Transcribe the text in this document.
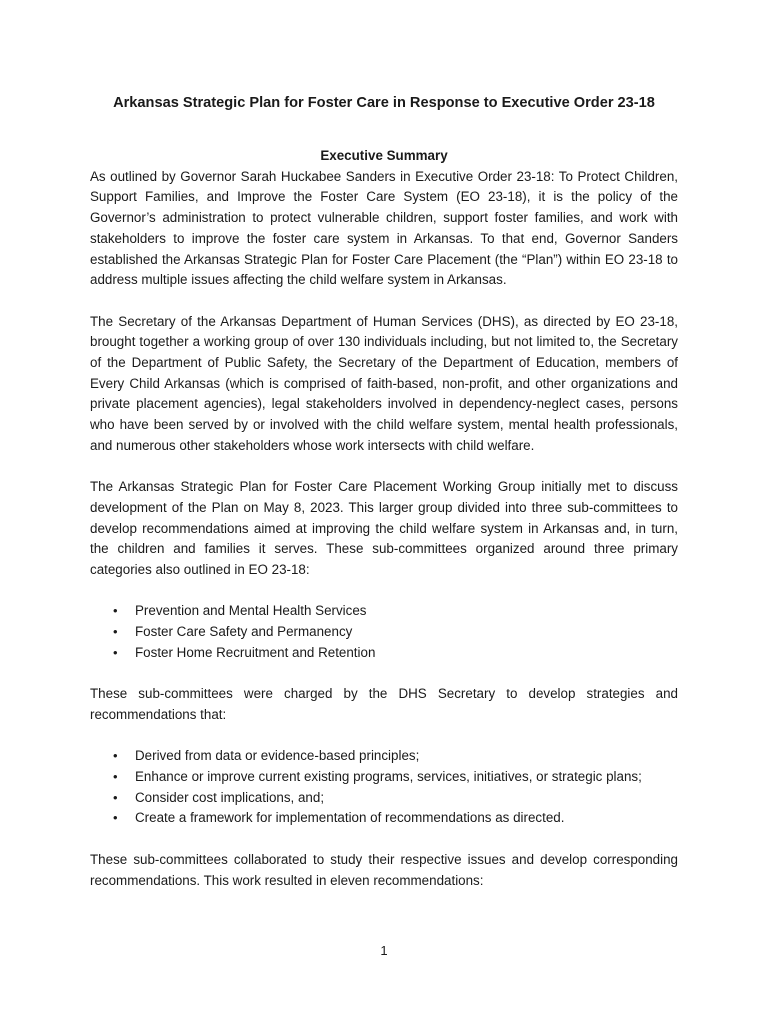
Arkansas Strategic Plan for Foster Care in Response to Executive Order 23-18
Executive Summary

As outlined by Governor Sarah Huckabee Sanders in Executive Order 23-18: To Protect Children, Support Families, and Improve the Foster Care System (EO 23-18), it is the policy of the Governor’s administration to protect vulnerable children, support foster families, and work with stakeholders to improve the foster care system in Arkansas. To that end, Governor Sanders established the Arkansas Strategic Plan for Foster Care Placement (the “Plan”) within EO 23-18 to address multiple issues affecting the child welfare system in Arkansas.

The Secretary of the Arkansas Department of Human Services (DHS), as directed by EO 23-18, brought together a working group of over 130 individuals including, but not limited to, the Secretary of the Department of Public Safety, the Secretary of the Department of Education, members of Every Child Arkansas (which is comprised of faith-based, non-profit, and other organizations and private placement agencies), legal stakeholders involved in dependency-neglect cases, persons who have been served by or involved with the child welfare system, mental health professionals, and numerous other stakeholders whose work intersects with child welfare.

The Arkansas Strategic Plan for Foster Care Placement Working Group initially met to discuss development of the Plan on May 8, 2023. This larger group divided into three sub-committees to develop recommendations aimed at improving the child welfare system in Arkansas and, in turn, the children and families it serves. These sub-committees organized around three primary categories also outlined in EO 23-18:

• Prevention and Mental Health Services
• Foster Care Safety and Permanency
• Foster Home Recruitment and Retention

These sub-committees were charged by the DHS Secretary to develop strategies and recommendations that:

• Derived from data or evidence-based principles;
• Enhance or improve current existing programs, services, initiatives, or strategic plans;
• Consider cost implications, and;
• Create a framework for implementation of recommendations as directed.

These sub-committees collaborated to study their respective issues and develop corresponding recommendations. This work resulted in eleven recommendations:

1
